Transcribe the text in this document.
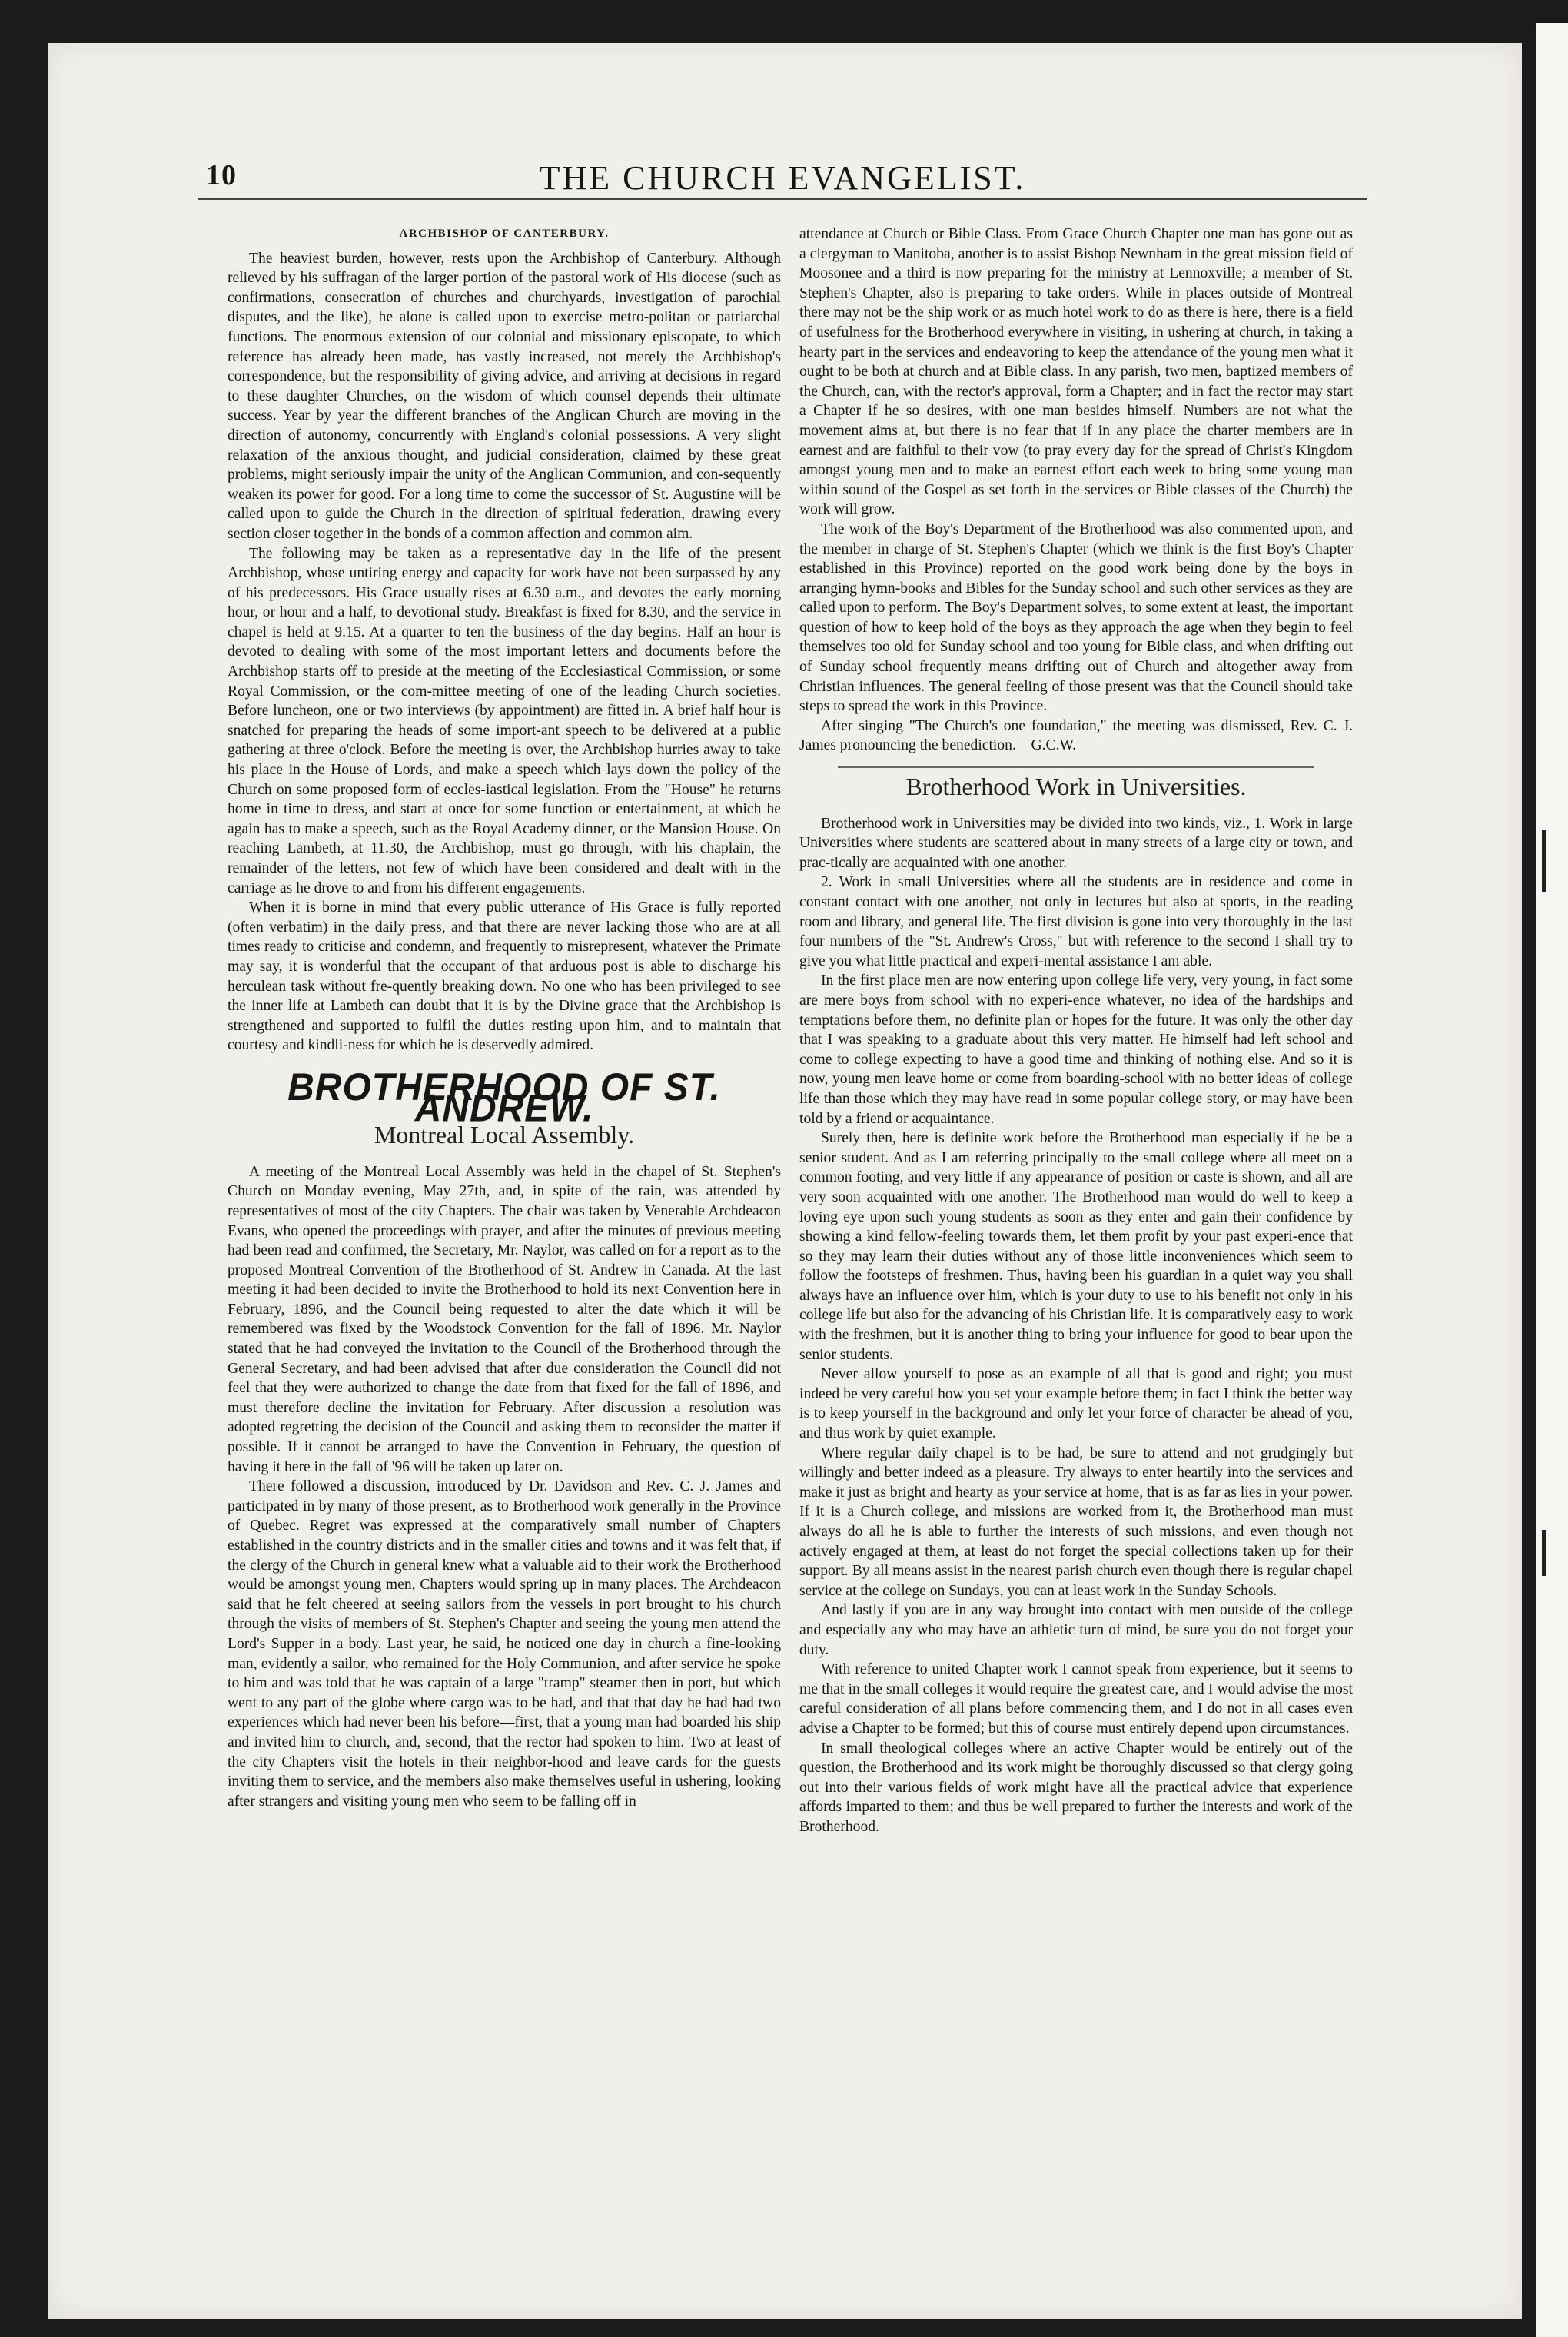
10	THE CHURCH EVANGELIST.
ARCHBISHOP OF CANTERBURY.

The heaviest burden, however, rests upon the Archbishop of Canterbury. Although relieved by his suffragan of the larger portion of the pastoral work of His diocese (such as confirmations, consecration of churches and churchyards, investigation of parochial disputes, and the like), he alone is called upon to exercise metro-politan or patriarchal functions. The enormous extension of our colonial and missionary episcopate, to which reference has already been made, has vastly increased, not merely the Archbishop's correspondence, but the responsibility of giving advice, and arriving at decisions in regard to these daughter Churches, on the wisdom of which counsel depends their ultimate success. Year by year the different branches of the Anglican Church are moving in the direction of autonomy, concurrently with England's colonial possessions. A very slight relaxation of the anxious thought, and judicial consideration, claimed by these great problems, might seriously impair the unity of the Anglican Communion, and con-sequently weaken its power for good. For a long time to come the successor of St. Augustine will be called upon to guide the Church in the direction of spiritual federation, drawing every section closer together in the bonds of a common affection and common aim.

The following may be taken as a representative day in the life of the present Archbishop, whose untiring energy and capacity for work have not been surpassed by any of his predecessors. His Grace usually rises at 6.30 a.m., and devotes the early morning hour, or hour and a half, to devotional study. Breakfast is fixed for 8.30, and the service in chapel is held at 9.15. At a quarter to ten the business of the day begins. Half an hour is devoted to dealing with some of the most important letters and documents before the Archbishop starts off to preside at the meeting of the Ecclesiastical Commission, or some Royal Commission, or the com-mittee meeting of one of the leading Church societies. Before luncheon, one or two interviews (by appointment) are fitted in. A brief half hour is snatched for preparing the heads of some import-ant speech to be delivered at a public gathering at three o'clock. Before the meeting is over, the Archbishop hurries away to take his place in the House of Lords, and make a speech which lays down the policy of the Church on some proposed form of eccles-iastical legislation. From the "House" he returns home in time to dress, and start at once for some function or entertainment, at which he again has to make a speech, such as the Royal Academy dinner, or the Mansion House. On reaching Lambeth, at 11.30, the Archbishop, must go through, with his chaplain, the remainder of the letters, not few of which have been considered and dealt with in the carriage as he drove to and from his different engagements.

When it is borne in mind that every public utterance of His Grace is fully reported (often verbatim) in the daily press, and that there are never lacking those who are at all times ready to criticise and condemn, and frequently to misrepresent, whatever the Primate may say, it is wonderful that the occupant of that arduous post is able to discharge his herculean task without fre-quently breaking down. No one who has been privileged to see the inner life at Lambeth can doubt that it is by the Divine grace that the Archbishop is strengthened and supported to fulfil the duties resting upon him, and to maintain that courtesy and kindli-ness for which he is deservedly admired.

BROTHERHOOD OF ST. ANDREW.
Montreal Local Assembly.

A meeting of the Montreal Local Assembly was held in the chapel of St. Stephen's Church on Monday evening, May 27th, and, in spite of the rain, was attended by representatives of most of the city Chapters. The chair was taken by Venerable Archdeacon Evans, who opened the proceedings with prayer, and after the minutes of previous meeting had been read and confirmed, the Secretary, Mr. Naylor, was called on for a report as to the proposed Montreal Convention of the Brotherhood of St. Andrew in Canada. At the last meeting it had been decided to invite the Brotherhood to hold its next Convention here in February, 1896, and the Council being requested to alter the date which it will be remembered was fixed by the Woodstock Convention for the fall of 1896. Mr. Naylor stated that he had conveyed the invitation to the Council of the Brotherhood through the General Secretary, and had been advised that after due consideration the Council did not feel that they were authorized to change the date from that fixed for the fall of 1896, and must therefore decline the invitation for February. After discussion a resolution was adopted regretting the decision of the Council and asking them to reconsider the matter if possible. If it cannot be arranged to have the Convention in February, the question of having it here in the fall of '96 will be taken up later on.

There followed a discussion, introduced by Dr. Davidson and Rev. C. J. James and participated in by many of those present, as to Brotherhood work generally in the Province of Quebec. Regret was expressed at the comparatively small number of Chapters established in the country districts and in the smaller cities and towns and it was felt that, if the clergy of the Church in general knew what a valuable aid to their work the Brotherhood would be amongst young men, Chapters would spring up in many places. The Archdeacon said that he felt cheered at seeing sailors from the vessels in port brought to his church through the visits of members of St. Stephen's Chapter and seeing the young men attend the Lord's Supper in a body. Last year, he said, he noticed one day in church a fine-looking man, evidently a sailor, who remained for the Holy Communion, and after service he spoke to him and was told that he was captain of a large "tramp" steamer then in port, but which went to any part of the globe where cargo was to be had, and that that day he had had two experiences which had never been his before—first, that a young man had boarded his ship and invited him to church, and, second, that the rector had spoken to him. Two at least of the city Chapters visit the hotels in their neighbor-hood and leave cards for the guests inviting them to service, and the members also make themselves useful in ushering, looking after strangers and visiting young men who seem to be falling off in

attendance at Church or Bible Class. From Grace Church Chapter one man has gone out as a clergyman to Manitoba, another is to assist Bishop Newnham in the great mission field of Moosonee and a third is now preparing for the ministry at Lennoxville; a member of St. Stephen's Chapter, also is preparing to take orders. While in places outside of Montreal there may not be the ship work or as much hotel work to do as there is here, there is a field of usefulness for the Brotherhood everywhere in visiting, in ushering at church, in taking a hearty part in the services and endeavoring to keep the attendance of the young men what it ought to be both at church and at Bible class. In any parish, two men, baptized members of the Church, can, with the rector's approval, form a Chapter; and in fact the rector may start a Chapter if he so desires, with one man besides himself. Numbers are not what the movement aims at, but there is no fear that if in any place the charter members are in earnest and are faithful to their vow (to pray every day for the spread of Christ's Kingdom amongst young men and to make an earnest effort each week to bring some young man within sound of the Gospel as set forth in the services or Bible classes of the Church) the work will grow.

The work of the Boy's Department of the Brotherhood was also commented upon, and the member in charge of St. Stephen's Chapter (which we think is the first Boy's Chapter established in this Province) reported on the good work being done by the boys in arranging hymn-books and Bibles for the Sunday school and such other services as they are called upon to perform. The Boy's Department solves, to some extent at least, the important question of how to keep hold of the boys as they approach the age when they begin to feel themselves too old for Sunday school and too young for Bible class, and when drifting out of Sunday school frequently means drifting out of Church and altogether away from Christian influences. The general feeling of those present was that the Council should take steps to spread the work in this Province.

After singing "The Church's one foundation," the meeting was dismissed, Rev. C. J. James pronouncing the benediction.—G.C.W.

Brotherhood Work in Universities.

Brotherhood work in Universities may be divided into two kinds, viz., 1. Work in large Universities where students are scattered about in many streets of a large city or town, and prac-tically are acquainted with one another.

2. Work in small Universities where all the students are in residence and come in constant contact with one another, not only in lectures but also at sports, in the reading room and library, and general life. The first division is gone into very thoroughly in the last four numbers of the "St. Andrew's Cross," but with reference to the second I shall try to give you what little practical and experi-mental assistance I am able.

In the first place men are now entering upon college life very, very young, in fact some are mere boys from school with no experi-ence whatever, no idea of the hardships and temptations before them, no definite plan or hopes for the future. It was only the other day that I was speaking to a graduate about this very matter. He himself had left school and come to college expecting to have a good time and thinking of nothing else. And so it is now, young men leave home or come from boarding-school with no better ideas of college life than those which they may have read in some popular college story, or may have been told by a friend or acquaintance.

Surely then, here is definite work before the Brotherhood man especially if he be a senior student. And as I am referring principally to the small college where all meet on a common footing, and very little if any appearance of position or caste is shown, and all are very soon acquainted with one another. The Brotherhood man would do well to keep a loving eye upon such young students as soon as they enter and gain their confidence by showing a kind fellow-feeling towards them, let them profit by your past experi-ence that so they may learn their duties without any of those little inconveniences which seem to follow the footsteps of freshmen. Thus, having been his guardian in a quiet way you shall always have an influence over him, which is your duty to use to his benefit not only in his college life but also for the advancing of his Christian life. It is comparatively easy to work with the freshmen, but it is another thing to bring your influence for good to bear upon the senior students.

Never allow yourself to pose as an example of all that is good and right; you must indeed be very careful how you set your example before them; in fact I think the better way is to keep yourself in the background and only let your force of character be ahead of you, and thus work by quiet example.

Where regular daily chapel is to be had, be sure to attend and not grudgingly but willingly and better indeed as a pleasure. Try always to enter heartily into the services and make it just as bright and hearty as your service at home, that is as far as lies in your power. If it is a Church college, and missions are worked from it, the Brotherhood man must always do all he is able to further the interests of such missions, and even though not actively engaged at them, at least do not forget the special collections taken up for their support. By all means assist in the nearest parish church even though there is regular chapel service at the college on Sundays, you can at least work in the Sunday Schools.

And lastly if you are in any way brought into contact with men outside of the college and especially any who may have an athletic turn of mind, be sure you do not forget your duty.

With reference to united Chapter work I cannot speak from experience, but it seems to me that in the small colleges it would require the greatest care, and I would advise the most careful consideration of all plans before commencing them, and I do not in all cases even advise a Chapter to be formed; but this of course must entirely depend upon circumstances.

In small theological colleges where an active Chapter would be entirely out of the question, the Brotherhood and its work might be thoroughly discussed so that clergy going out into their various fields of work might have all the practical advice that experience affords imparted to them; and thus be well prepared to further the interests and work of the Brotherhood.
